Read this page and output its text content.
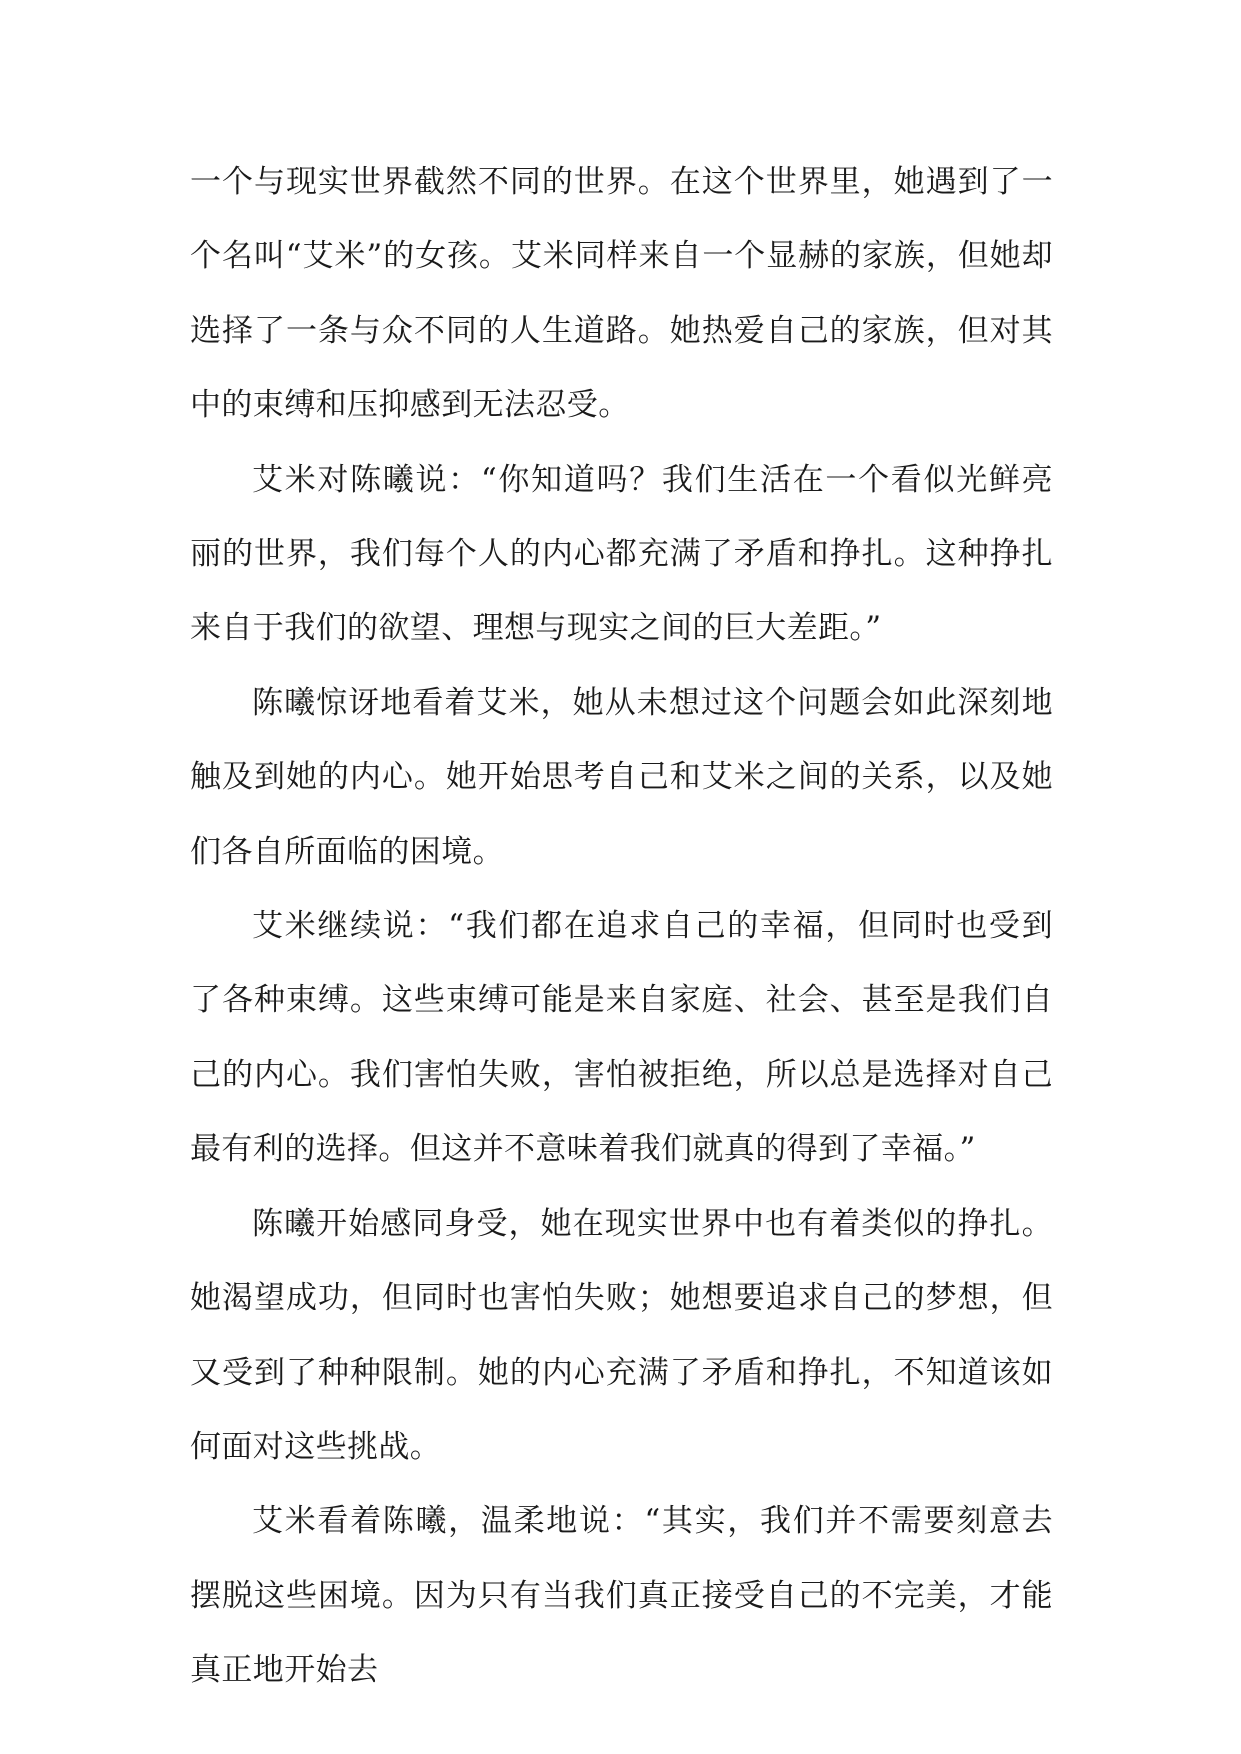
一个与现实世界截然不同的世界。在这个世界里，她遇到了一个名叫“艾米”的女孩。艾米同样来自一个显赫的家族，但她却选择了一条与众不同的人生道路。她热爱自己的家族，但对其中的束缚和压抑感到无法忍受。

艾米对陈曦说：“你知道吗？我们生活在一个看似光鲜亮丽的世界，我们每个人的内心都充满了矛盾和挣扎。这种挣扎来自于我们的欲望、理想与现实之间的巨大差距。”

陈曦惊讶地看着艾米，她从未想过这个问题会如此深刻地触及到她的内心。她开始思考自己和艾米之间的关系，以及她们各自所面临的困境。

艾米继续说：“我们都在追求自己的幸福，但同时也受到了各种束缚。这些束缚可能是来自家庭、社会、甚至是我们自己的内心。我们害怕失败，害怕被拒绝，所以总是选择对自己最有利的选择。但这并不意味着我们就真的得到了幸福。”

陈曦开始感同身受，她在现实世界中也有着类似的挣扎。她渴望成功，但同时也害怕失败；她想要追求自己的梦想，但又受到了种种限制。她的内心充满了矛盾和挣扎，不知道该如何面对这些挑战。

艾米看着陈曦，温柔地说：“其实，我们并不需要刻意去摆脱这些困境。因为只有当我们真正接受自己的不完美，才能真正地开始去
